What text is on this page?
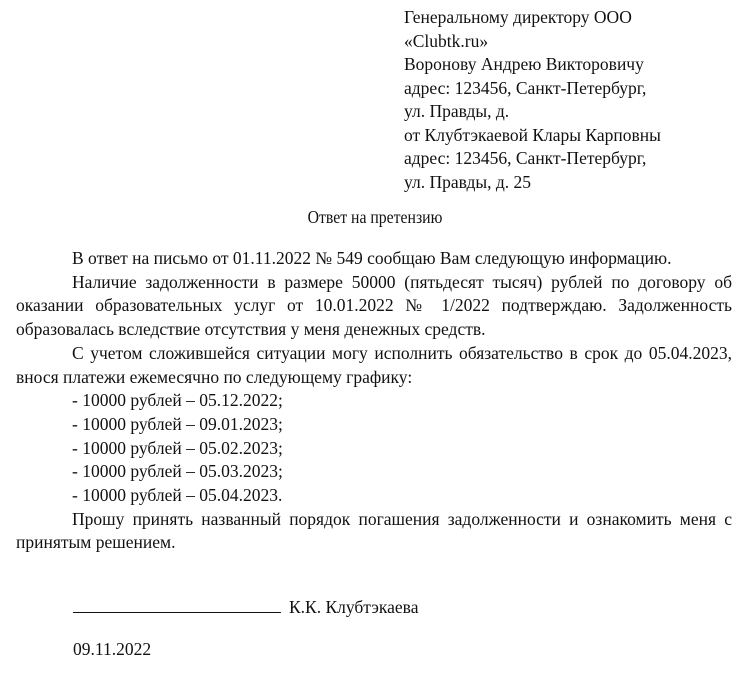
Генеральному директору ООО
«Clubtk.ru»
Воронову Андрею Викторовичу
адрес: 123456, Санкт-Петербург,
ул. Правды, д.
от Клубтэкаевой Клары Карповны
адрес: 123456, Санкт-Петербург,
ул. Правды, д. 25
Ответ на претензию

В ответ на письмо от 01.11.2022 № 549 сообщаю Вам следующую информацию.

Наличие задолженности в размере 50000 (пятьдесят тысяч) рублей по договору об оказании образовательных услуг от 10.01.2022 № 1/2022 подтверждаю. Задолженность образовалась вследствие отсутствия у меня денежных средств.

С учетом сложившейся ситуации могу исполнить обязательство в срок до 05.04.2023, внося платежи ежемесячно по следующему графику:

- 10000 рублей – 05.12.2022;
- 10000 рублей – 09.01.2023;
- 10000 рублей – 05.02.2023;
- 10000 рублей – 05.03.2023;
- 10000 рублей – 05.04.2023.

Прошу принять названный порядок погашения задолженности и ознакомить меня с принятым решением.

К.К. Клубтэкаева
09.11.2022
